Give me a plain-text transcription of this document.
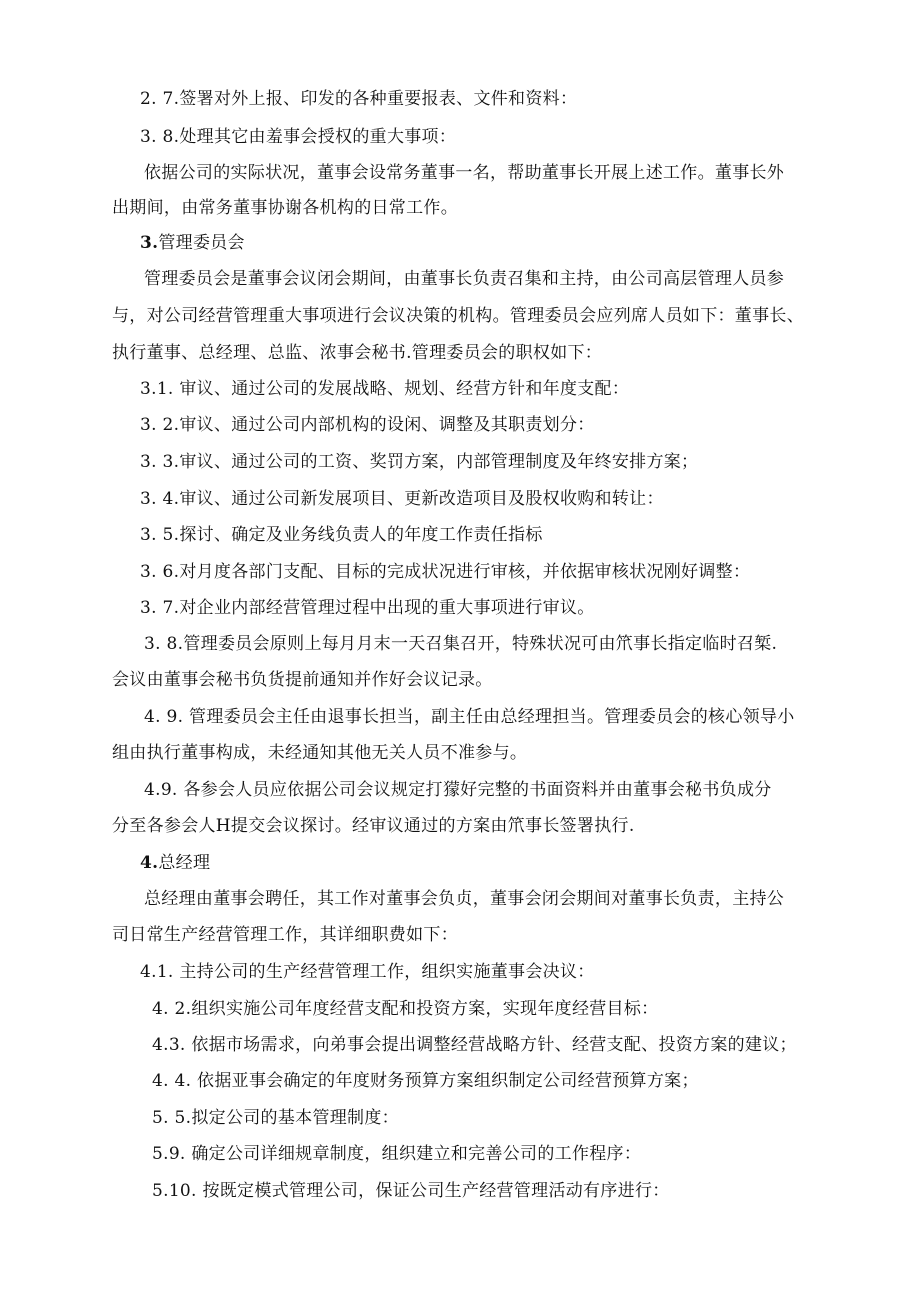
2. 7.签署对外上报、印发的各种重要报表、文件和资料：
3. 8.处理其它由羞事会授权的重大事项：
依据公司的实际状况，董事会设常务董事一名，帮助董事长开展上述工作。董事长外
出期间，由常务董事协谢各机构的日常工作。
3.管理委员会
管理委员会是董事会议闭会期间，由董事长负责召集和主持，由公司高层管理人员参
与，对公司经营管理重大事项进行会议决策的机构。管理委员会应列席人员如下：董事长、
执行董事、总经理、总监、浓事会秘书.管理委员会的职权如下：
3.1. 审议、通过公司的发展战略、规划、经营方针和年度支配：
3. 2.审议、通过公司内部机构的设闲、调整及其职责划分：
3. 3.审议、通过公司的工资、奖罚方案，内部管理制度及年终安排方案；
3. 4.审议、通过公司新发展项目、更新改造项目及股权收购和转让：
3. 5.探讨、确定及业务线负责人的年度工作责任指标
3. 6.对月度各部门支配、目标的完成状况进行审核，并依据审核状况刚好调整：
3. 7.对企业内部经营管理过程中出现的重大事项进行审议。
3. 8.管理委员会原则上每月月末一天召集召开，特殊状况可由笊事长指定临时召椠.
会议由董事会秘书负货提前通知并作好会议记录。
4. 9. 管理委员会主任由退事长担当，副主任由总经理担当。管理委员会的核心领导小
组由执行董事构成，未经通知其他无关人员不准参与。
4.9. 各参会人员应依据公司会议规定打獴好完整的书面资料并由董事会秘书负成分
分至各参会人H提交会议探讨。经审议通过的方案由笊事长签署执行.
4.总经理
总经理由董事会聘任，其工作对董事会负贞，董事会闭会期间对董事长负责，主持公
司日常生产经营管理工作，其详细职费如下：
4.1. 主持公司的生产经营管理工作，组织实施董事会决议：
4. 2.组织实施公司年度经营支配和投资方案，实现年度经营目标：
4.3. 依据市场需求，向弟事会提出调整经营战略方针、经营支配、投资方案的建议；
4. 4. 依据亚事会确定的年度财务预算方案组织制定公司经营预算方案；
5. 5.拟定公司的基本管理制度：
5.9. 确定公司详细规章制度，组织建立和完善公司的工作程序：
5.10. 按既定模式管理公司，保证公司生产经营管理活动有序进行：
